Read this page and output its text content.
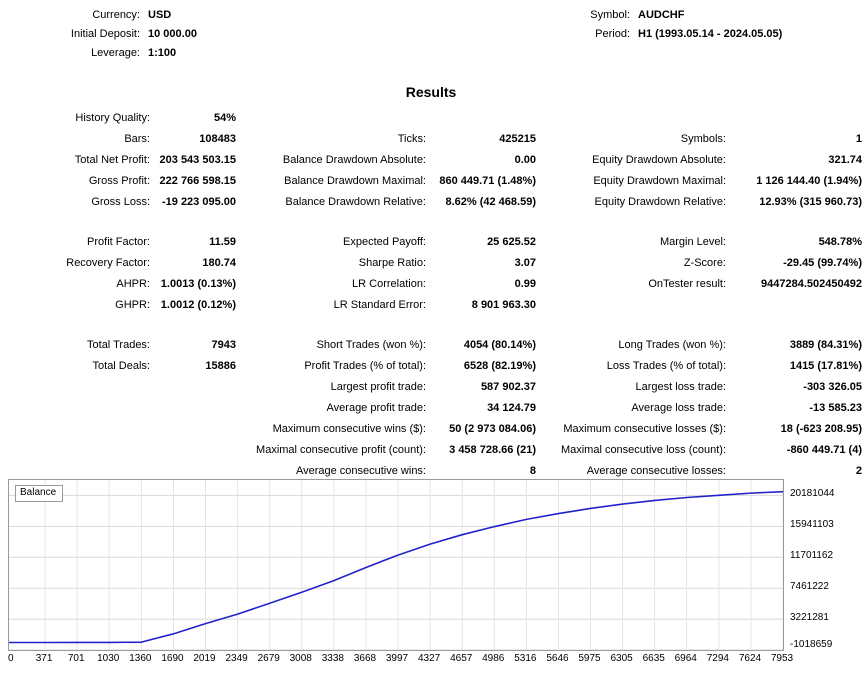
Currency: USD
Initial Deposit: 10 000.00
Leverage: 1:100
Symbol: AUDCHF
Period: H1 (1993.05.14 - 2024.05.05)
Results
History Quality:	54%
Bars:	108483	Ticks:	425215	Symbols:	1
Total Net Profit: 203 543 503.15	Balance Drawdown Absolute:	0.00	Equity Drawdown Absolute:	321.74
Gross Profit: 222 766 598.15	Balance Drawdown Maximal:	860 449.71 (1.48%)	Equity Drawdown Maximal:	1 126 144.40 (1.94%)
Gross Loss:	-19 223 095.00	Balance Drawdown Relative:	8.62% (42 468.59)	Equity Drawdown Relative:	12.93% (315 960.73)
Profit Factor:	11.59	Expected Payoff:	25 625.52	Margin Level:	548.78%
Recovery Factor:	180.74	Sharpe Ratio:	3.07	Z-Score:	-29.45 (99.74%)
AHPR: 1.0013 (0.13%)	LR Correlation:	0.99	OnTester result:	9447284.502450492
GHPR: 1.0012 (0.12%)	LR Standard Error:	8 901 963.30
Total Trades:	7943	Short Trades (won %):	4054 (80.14%)	Long Trades (won %):	3889 (84.31%)
Total Deals:	15886	Profit Trades (% of total):	6528 (82.19%)	Loss Trades (% of total):	1415 (17.81%)
Largest profit trade:	587 902.37	Largest loss trade:	-303 326.05
Average profit trade:	34 124.79	Average loss trade:	-13 585.23
Maximum consecutive wins ($):	50 (2 973 084.06)	Maximum consecutive losses ($):	18 (-623 208.95)
Maximal consecutive profit (count):	3 458 728.66 (21)	Maximal consecutive loss (count):	-860 449.71 (4)
Average consecutive wins:	8	Average consecutive losses:	2
Balance	20181044
15941103
11701162
7461222
3221281
-1018659
0 371 701 1030 1360 1690 2019 2349 2679 3008 3338 3668 3997 4327 4657 4986 5316 5646 5975 6305 6635 6964 7294 7624 7953
